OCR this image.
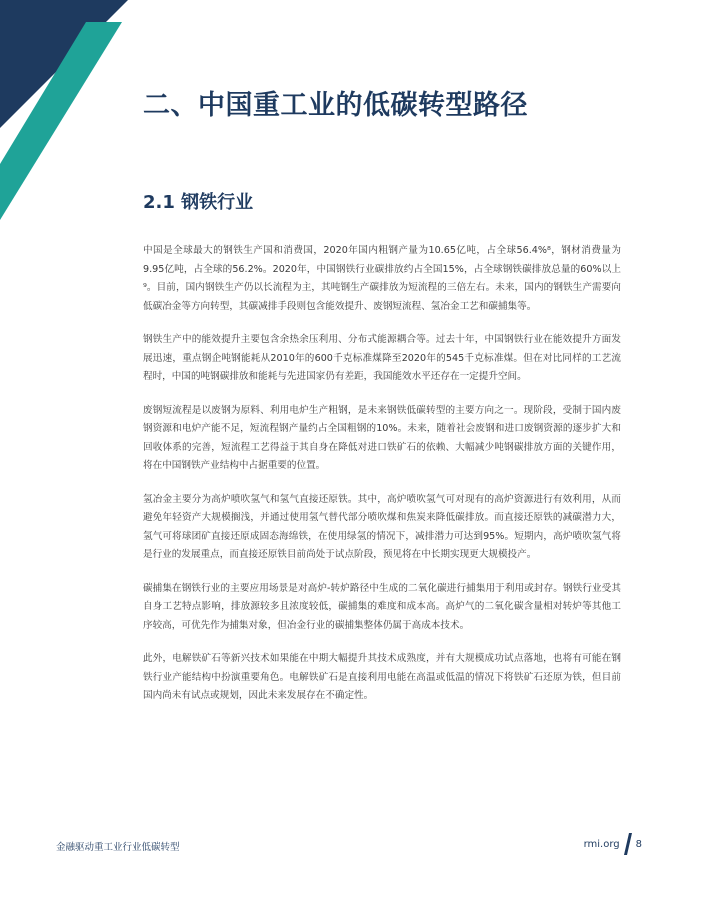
二、中国重工业的低碳转型路径
2.1 钢铁行业

中国是全球最大的钢铁生产国和消费国，2020年国内粗钢产量为10.65亿吨，占全球56.4%⁸，钢材消费量为9.95亿吨，占全球的56.2%。2020年，中国钢铁行业碳排放约占全国15%，占全球钢铁碳排放总量的60%以上⁹。目前，国内钢铁生产仍以长流程为主，其吨钢生产碳排放为短流程的三倍左右。未来，国内的钢铁生产需要向低碳冶金等方向转型，其碳减排手段则包含能效提升、废钢短流程、氢冶金工艺和碳捕集等。

钢铁生产中的能效提升主要包含余热余压利用、分布式能源耦合等。过去十年，中国钢铁行业在能效提升方面发展迅速，重点钢企吨钢能耗从2010年的600千克标准煤降至2020年的545千克标准煤。但在对比同样的工艺流程时，中国的吨钢碳排放和能耗与先进国家仍有差距，我国能效水平还存在一定提升空间。

废钢短流程是以废钢为原料、利用电炉生产粗钢，是未来钢铁低碳转型的主要方向之一。现阶段，受制于国内废钢资源和电炉产能不足，短流程钢产量约占全国粗钢的10%。未来，随着社会废钢和进口废钢资源的逐步扩大和回收体系的完善，短流程工艺得益于其自身在降低对进口铁矿石的依赖、大幅减少吨钢碳排放方面的关键作用，将在中国钢铁产业结构中占据重要的位置。

氢冶金主要分为高炉喷吹氢气和氢气直接还原铁。其中，高炉喷吹氢气可对现有的高炉资源进行有效利用，从而避免年轻资产大规模搁浅，并通过使用氢气替代部分喷吹煤和焦炭来降低碳排放。而直接还原铁的减碳潜力大，氢气可将球团矿直接还原成固态海绵铁，在使用绿氢的情况下，减排潜力可达到95%。短期内，高炉喷吹氢气将是行业的发展重点，而直接还原铁目前尚处于试点阶段，预见将在中长期实现更大规模投产。

碳捕集在钢铁行业的主要应用场景是对高炉-转炉路径中生成的二氧化碳进行捕集用于利用或封存。钢铁行业受其自身工艺特点影响，排放源较多且浓度较低，碳捕集的难度和成本高。高炉气的二氧化碳含量相对转炉等其他工序较高，可优先作为捕集对象，但冶金行业的碳捕集整体仍属于高成本技术。

此外，电解铁矿石等新兴技术如果能在中期大幅提升其技术成熟度，并有大规模成功试点落地，也将有可能在钢铁行业产能结构中扮演重要角色。电解铁矿石是直接利用电能在高温或低温的情况下将铁矿石还原为铁，但目前国内尚未有试点或规划，因此未来发展存在不确定性。

金融驱动重工业行业低碳转型	rmi.org 8
